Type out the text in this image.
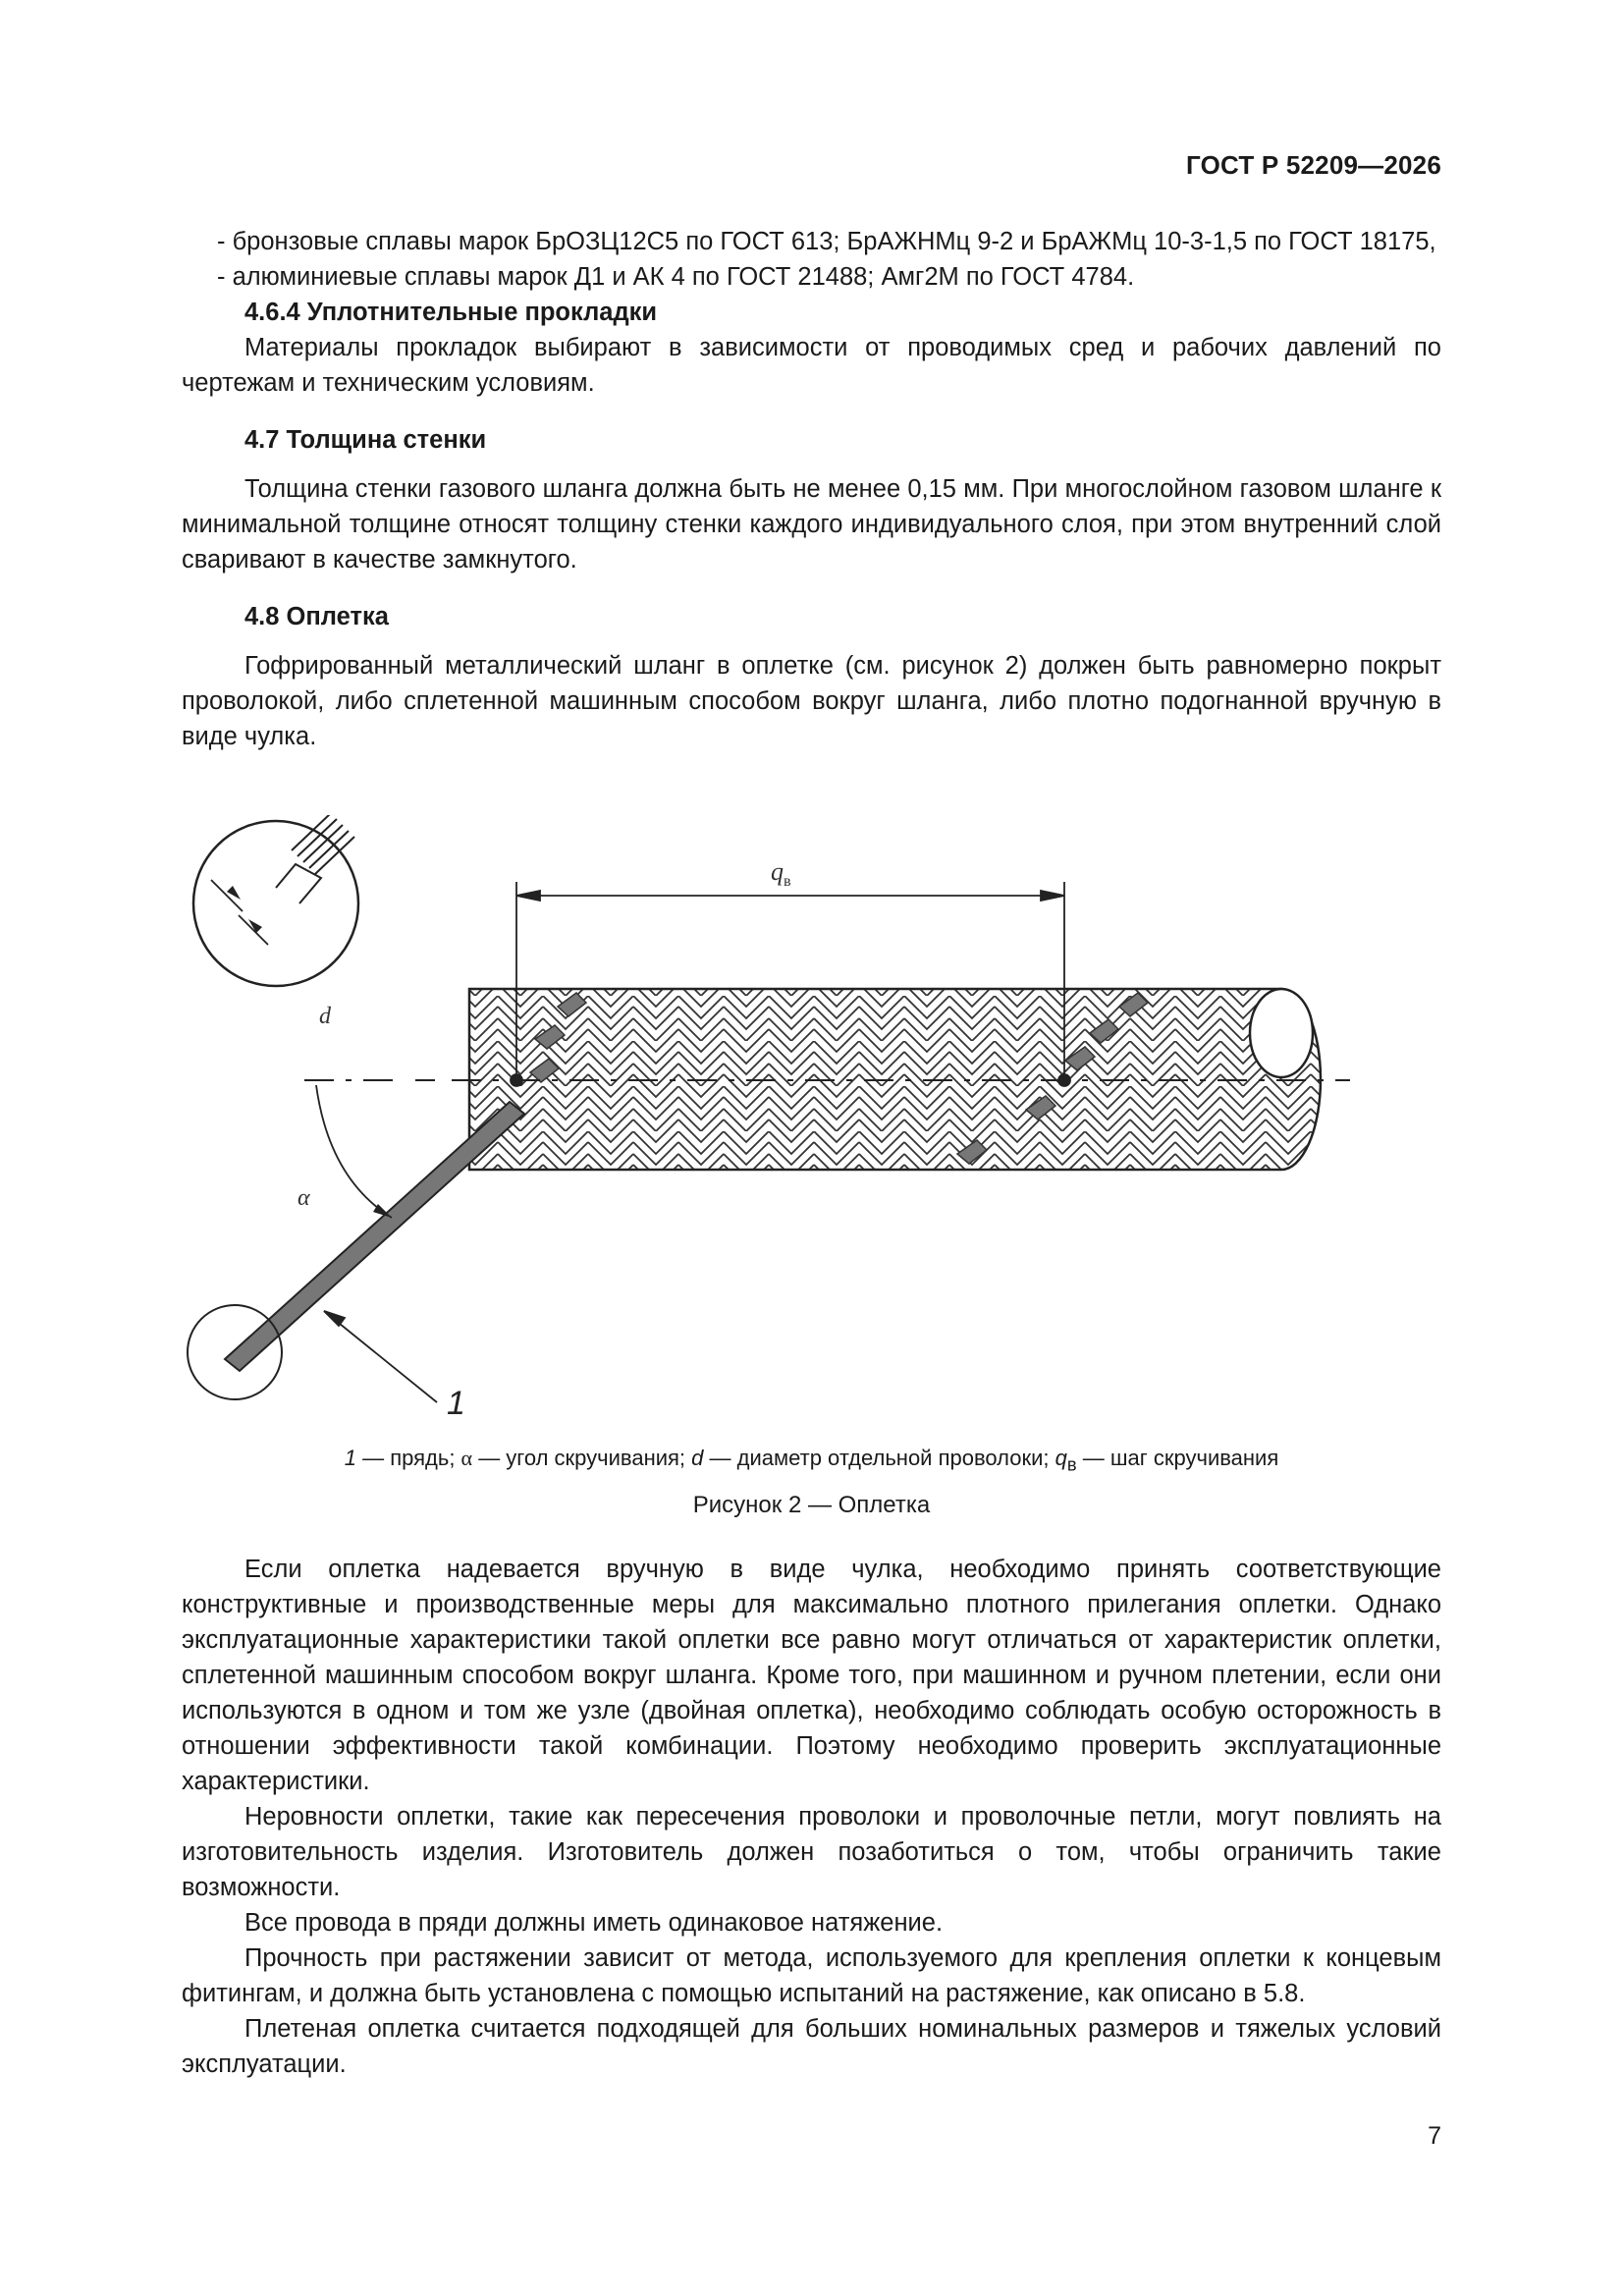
ГОСТ Р 52209—2026

- бронзовые сплавы марок БрОЗЦ12С5 по ГОСТ 613; БрАЖНМц 9-2 и БрАЖМц 10-3-1,5 по ГОСТ 18175,

- алюминиевые сплавы марок Д1 и АК 4 по ГОСТ 21488; Амг2М по ГОСТ 4784.

4.6.4 Уплотнительные прокладки

Материалы прокладок выбирают в зависимости от проводимых сред и рабочих давлений по чертежам и техническим условиям.

4.7 Толщина стенки

Толщина стенки газового шланга должна быть не менее 0,15 мм. При многослойном газовом шланге к минимальной толщине относят толщину стенки каждого индивидуального слоя, при этом внутренний слой сваривают в качестве замкнутого.

4.8 Оплетка

Гофрированный металлический шланг в оплетке (см. рисунок 2) должен быть равномерно покрыт проволокой, либо сплетенной машинным способом вокруг шланга, либо плотно подогнанной вручную в виде чулка.

$q_в$
α
1
d
1 — прядь; α — угол скручивания; d — диаметр отдельной проволоки; $q_в$ — шаг скручивания
Рисунок 2 — Оплетка

Если оплетка надевается вручную в виде чулка, необходимо принять соответствующие конструктивные и производственные меры для максимально плотного прилегания оплетки. Однако эксплуатационные характеристики такой оплетки все равно могут отличаться от характеристик оплетки, сплетенной машинным способом вокруг шланга. Кроме того, при машинном и ручном плетении, если они используются в одном и том же узле (двойная оплетка), необходимо соблюдать особую осторожность в отношении эффективности такой комбинации. Поэтому необходимо проверить эксплуатационные характеристики.

Неровности оплетки, такие как пересечения проволоки и проволочные петли, могут повлиять на изготовительность изделия. Изготовитель должен позаботиться о том, чтобы ограничить такие возможности.

Все провода в пряди должны иметь одинаковое натяжение.

Прочность при растяжении зависит от метода, используемого для крепления оплетки к концевым фитингам, и должна быть установлена с помощью испытаний на растяжение, как описано в 5.8.

Плетеная оплетка считается подходящей для больших номинальных размеров и тяжелых условий эксплуатации.

7
